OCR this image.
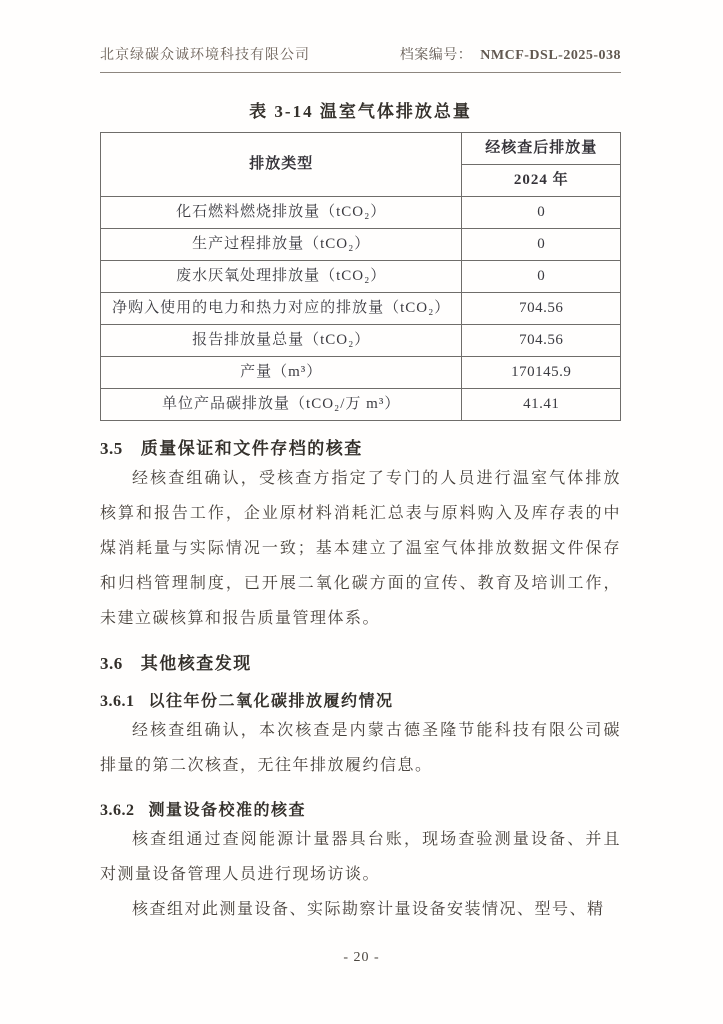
北京绿碳众诚环境科技有限公司	档案编号： NMCF-DSL-2025-038
表 3-14 温室气体排放总量
排放类型	经核查后排放量
	2024 年
化石燃料燃烧排放量（tCO₂）	0
生产过程排放量（tCO₂）	0
废水厌氧处理排放量（tCO₂）	0
净购入使用的电力和热力对应的排放量（tCO₂）	704.56
报告排放量总量（tCO₂）	704.56
产量（m³）	170145.9
单位产品碳排放量（tCO₂/万 m³）	41.41
3.5 质量保证和文件存档的核查

经核查组确认，受核查方指定了专门的人员进行温室气体排放核算和报告工作，企业原材料消耗汇总表与原料购入及库存表的中煤消耗量与实际情况一致；基本建立了温室气体排放数据文件保存和归档管理制度，已开展二氧化碳方面的宣传、教育及培训工作，未建立碳核算和报告质量管理体系。

3.6 其他核查发现
3.6.1 以往年份二氧化碳排放履约情况

经核查组确认，本次核查是内蒙古德圣隆节能科技有限公司碳排量的第二次核查，无往年排放履约信息。

3.6.2 测量设备校准的核查

核查组通过查阅能源计量器具台账，现场查验测量设备、并且对测量设备管理人员进行现场访谈。

核查组对此测量设备、实际勘察计量设备安装情况、型号、精

- 20 -
